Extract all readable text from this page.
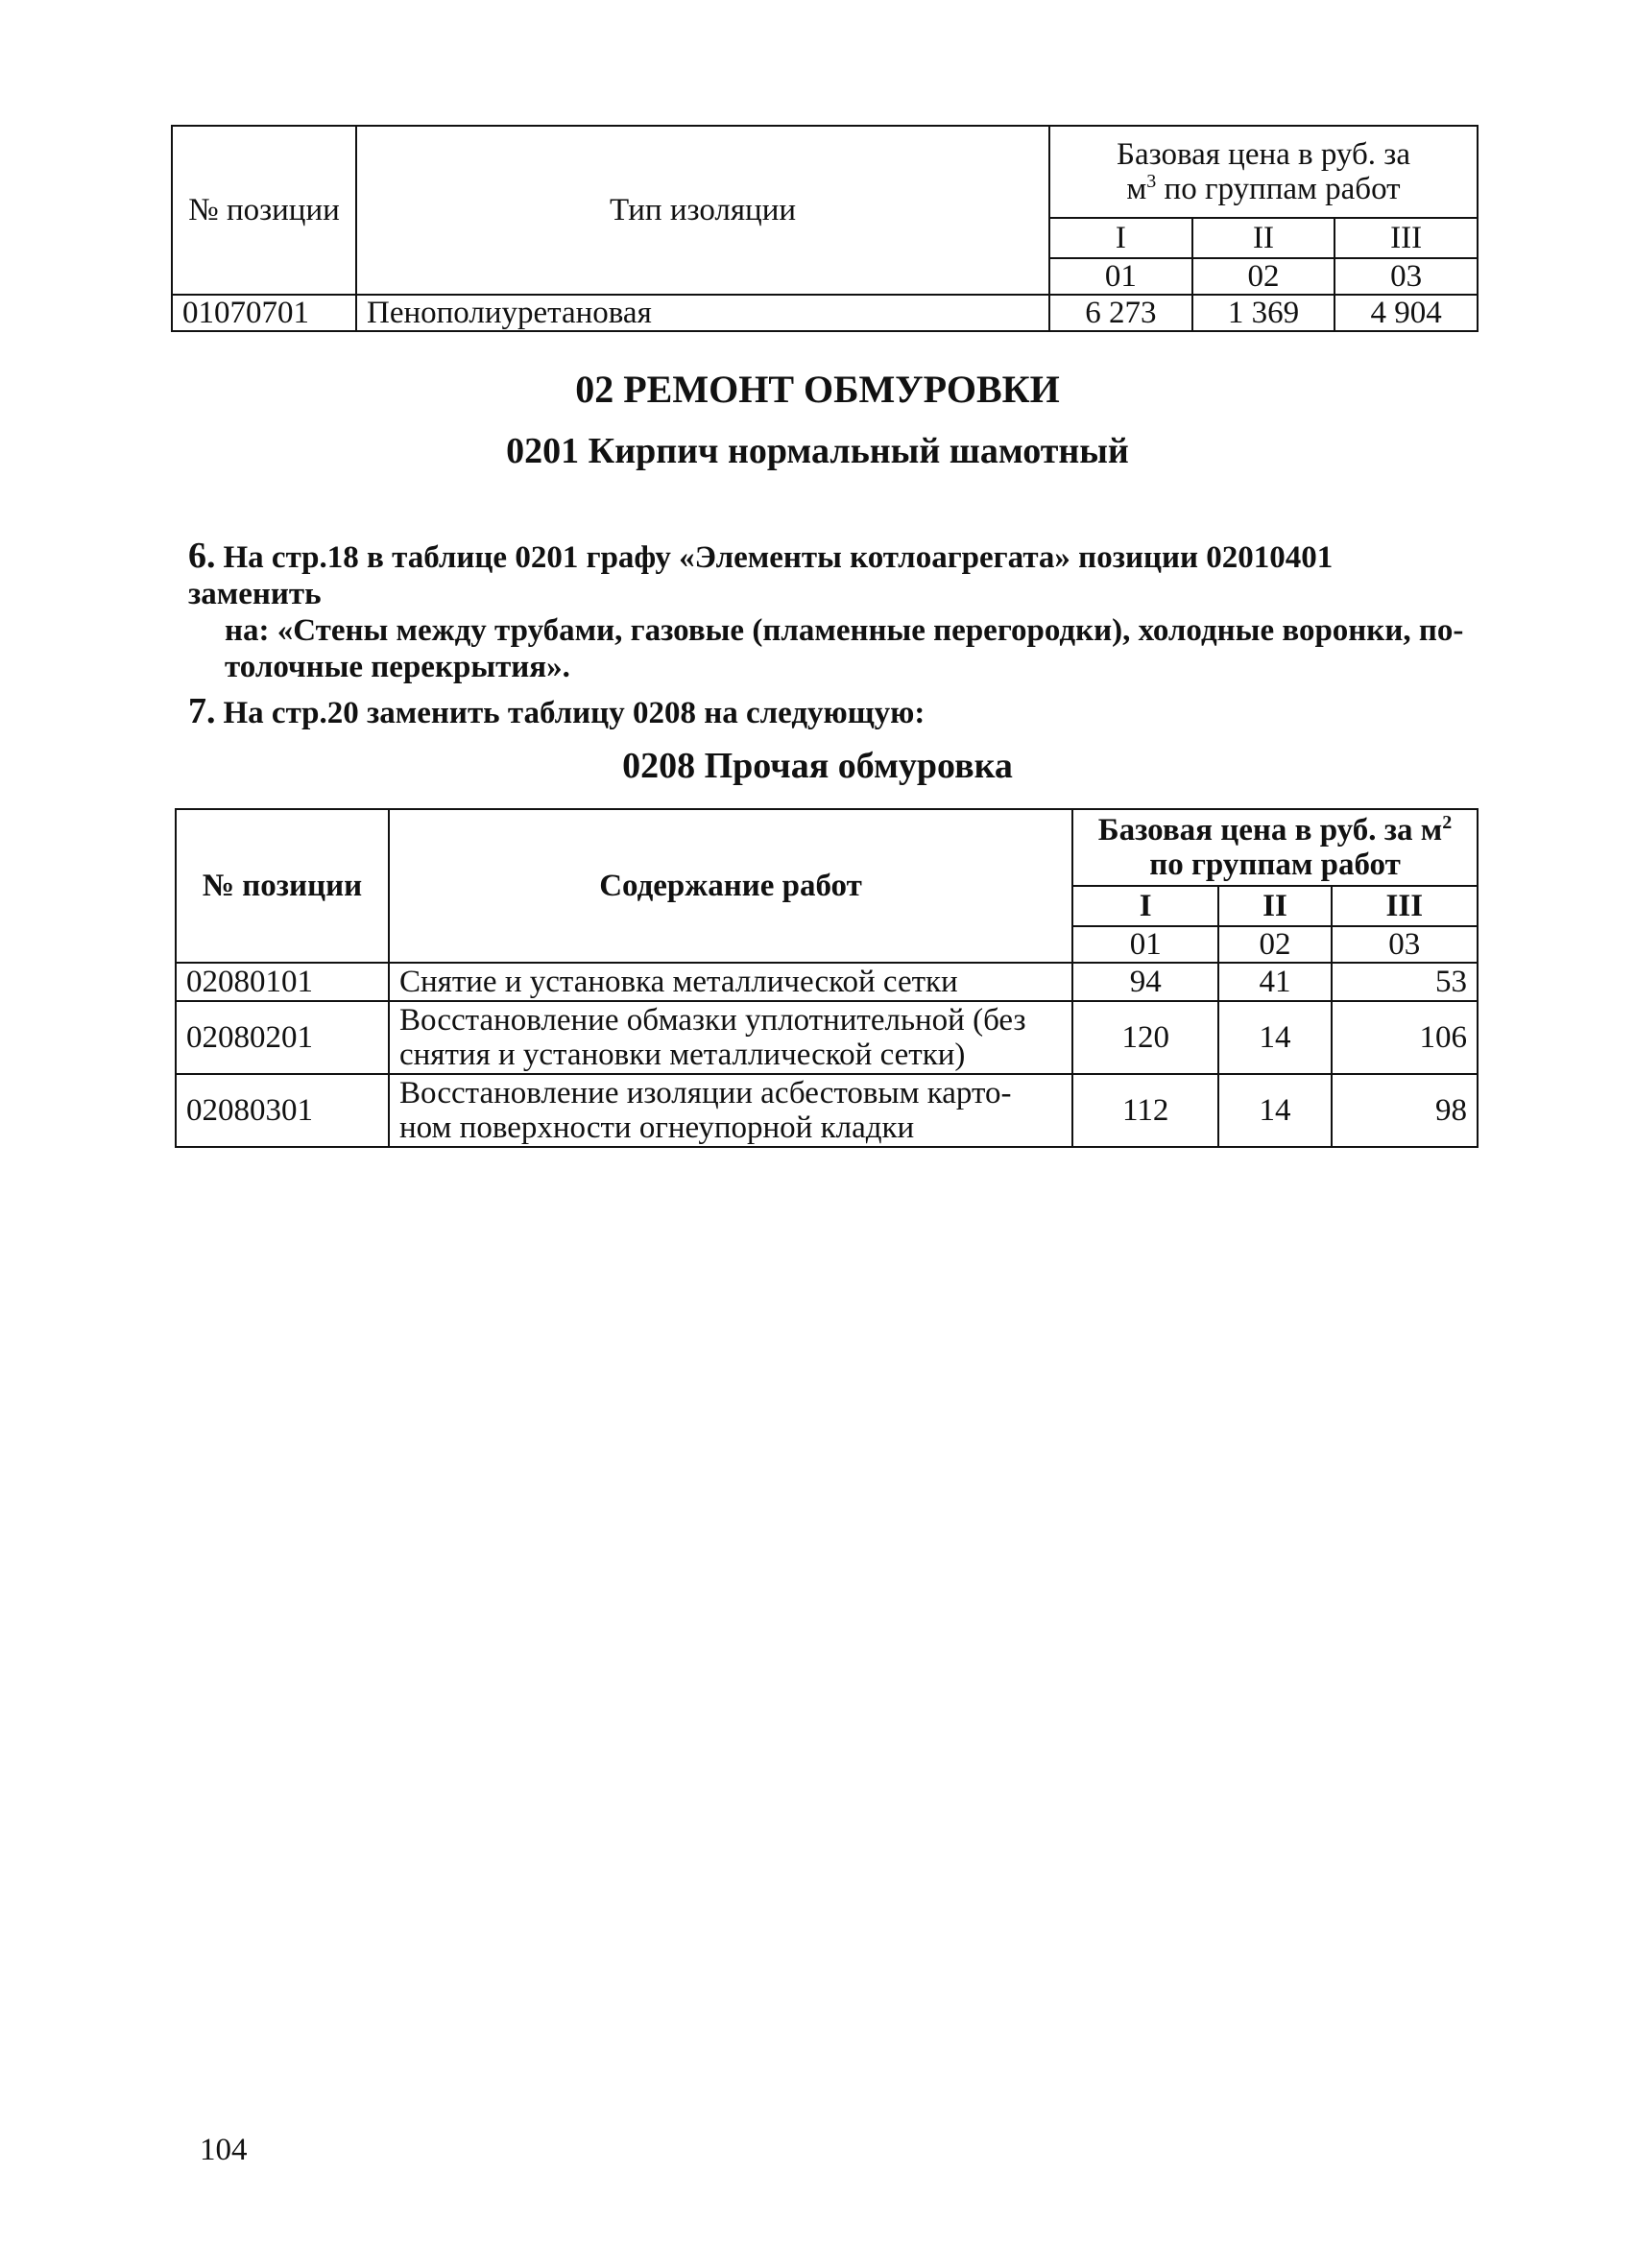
№ позиции	Тип изоляции	Базовая цена в руб. за
$м^3$ по группам работ		
		I	II	III
		01	02	03
01070701	Пенополиуретановая	6 273	1 369	4 904
02 РЕМОНТ ОБМУРОВКИ
0201 Кирпич нормальный шамотный

6. На стр.18 в таблице 0201 графу «Элементы котлоагрегата» позиции 02010401 заменить
на: «Стены между трубами, газовые (пламенные перегородки), холодные воронки, по-
толочные перекрытия».

7. На стр.20 заменить таблицу 0208 на следующую:

0208 Прочая обмуровка
№ позиции	Содержание работ	Базовая цена в руб. за $м^2$
по группам работ		
		I	II	III
		01	02	03
02080101	Снятие и установка металлической сетки	94	41	53
02080201	Восстановление обмазки уплотнительной (без
снятия и установки металлической сетки)	120	14	106
02080301	Восстановление изоляции асбестовым карто-
ном поверхности огнеупорной кладки	112	14	98
104
